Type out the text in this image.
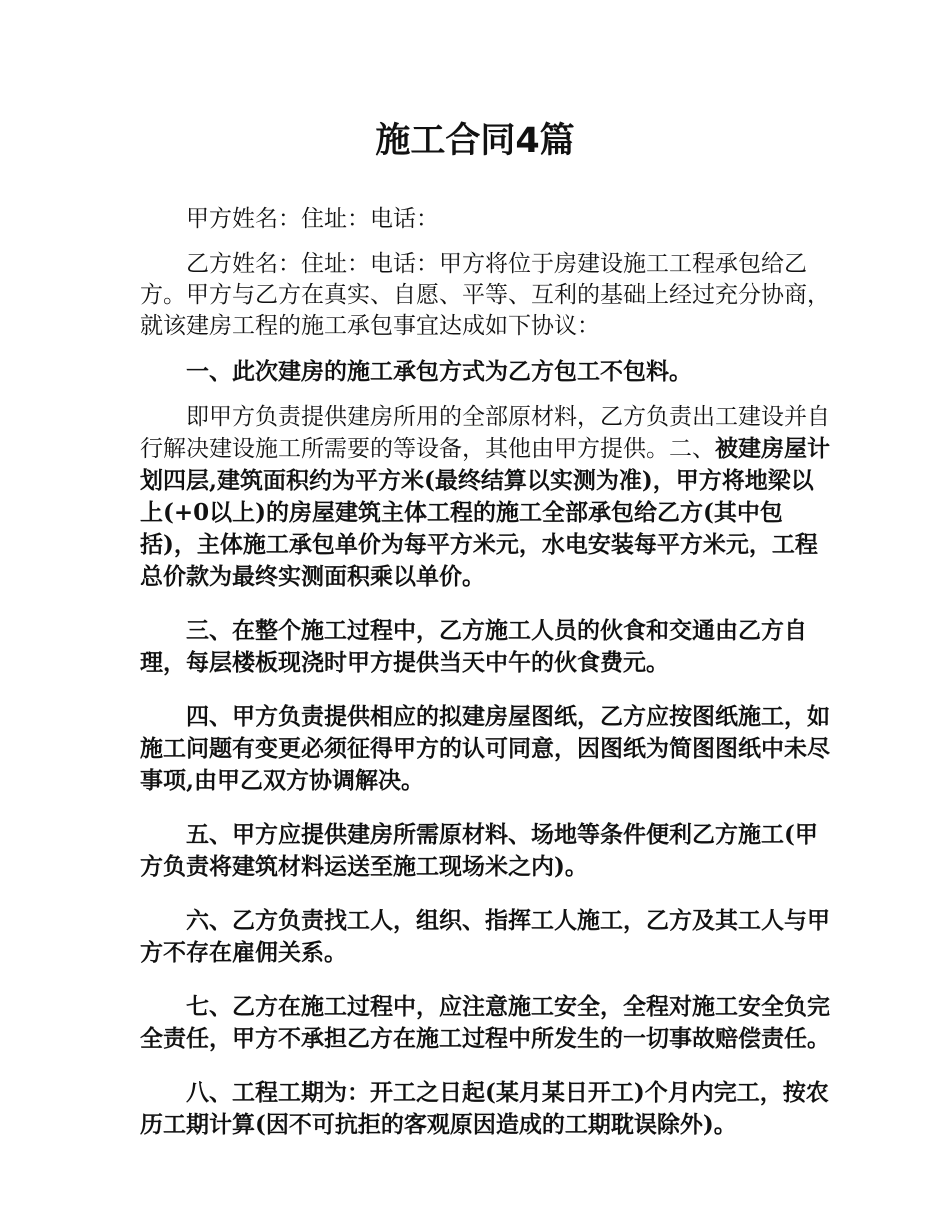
施工合同4篇

甲方姓名：住址：电话：

乙方姓名：住址：电话：甲方将位于房建设施工工程承包给乙方。甲方与乙方在真实、自愿、平等、互利的基础上经过充分协商，就该建房工程的施工承包事宜达成如下协议：

一、此次建房的施工承包方式为乙方包工不包料。

即甲方负责提供建房所用的全部原材料，乙方负责出工建设并自行解决建设施工所需要的等设备，其他由甲方提供。二、被建房屋计划四层,建筑面积约为平方米(最终结算以实测为准)，甲方将地梁以上(+0以上)的房屋建筑主体工程的施工全部承包给乙方(其中包括)，主体施工承包单价为每平方米元，水电安装每平方米元，工程总价款为最终实测面积乘以单价。

三、在整个施工过程中，乙方施工人员的伙食和交通由乙方自理，每层楼板现浇时甲方提供当天中午的伙食费元。

四、甲方负责提供相应的拟建房屋图纸，乙方应按图纸施工，如施工问题有变更必须征得甲方的认可同意，因图纸为简图图纸中未尽事项,由甲乙双方协调解决。

五、甲方应提供建房所需原材料、场地等条件便利乙方施工(甲方负责将建筑材料运送至施工现场米之内)。

六、乙方负责找工人，组织、指挥工人施工，乙方及其工人与甲方不存在雇佣关系。

七、乙方在施工过程中，应注意施工安全，全程对施工安全负完全责任，甲方不承担乙方在施工过程中所发生的一切事故赔偿责任。

八、工程工期为：开工之日起(某月某日开工)个月内完工，按农历工期计算(因不可抗拒的客观原因造成的工期耽误除外)。
